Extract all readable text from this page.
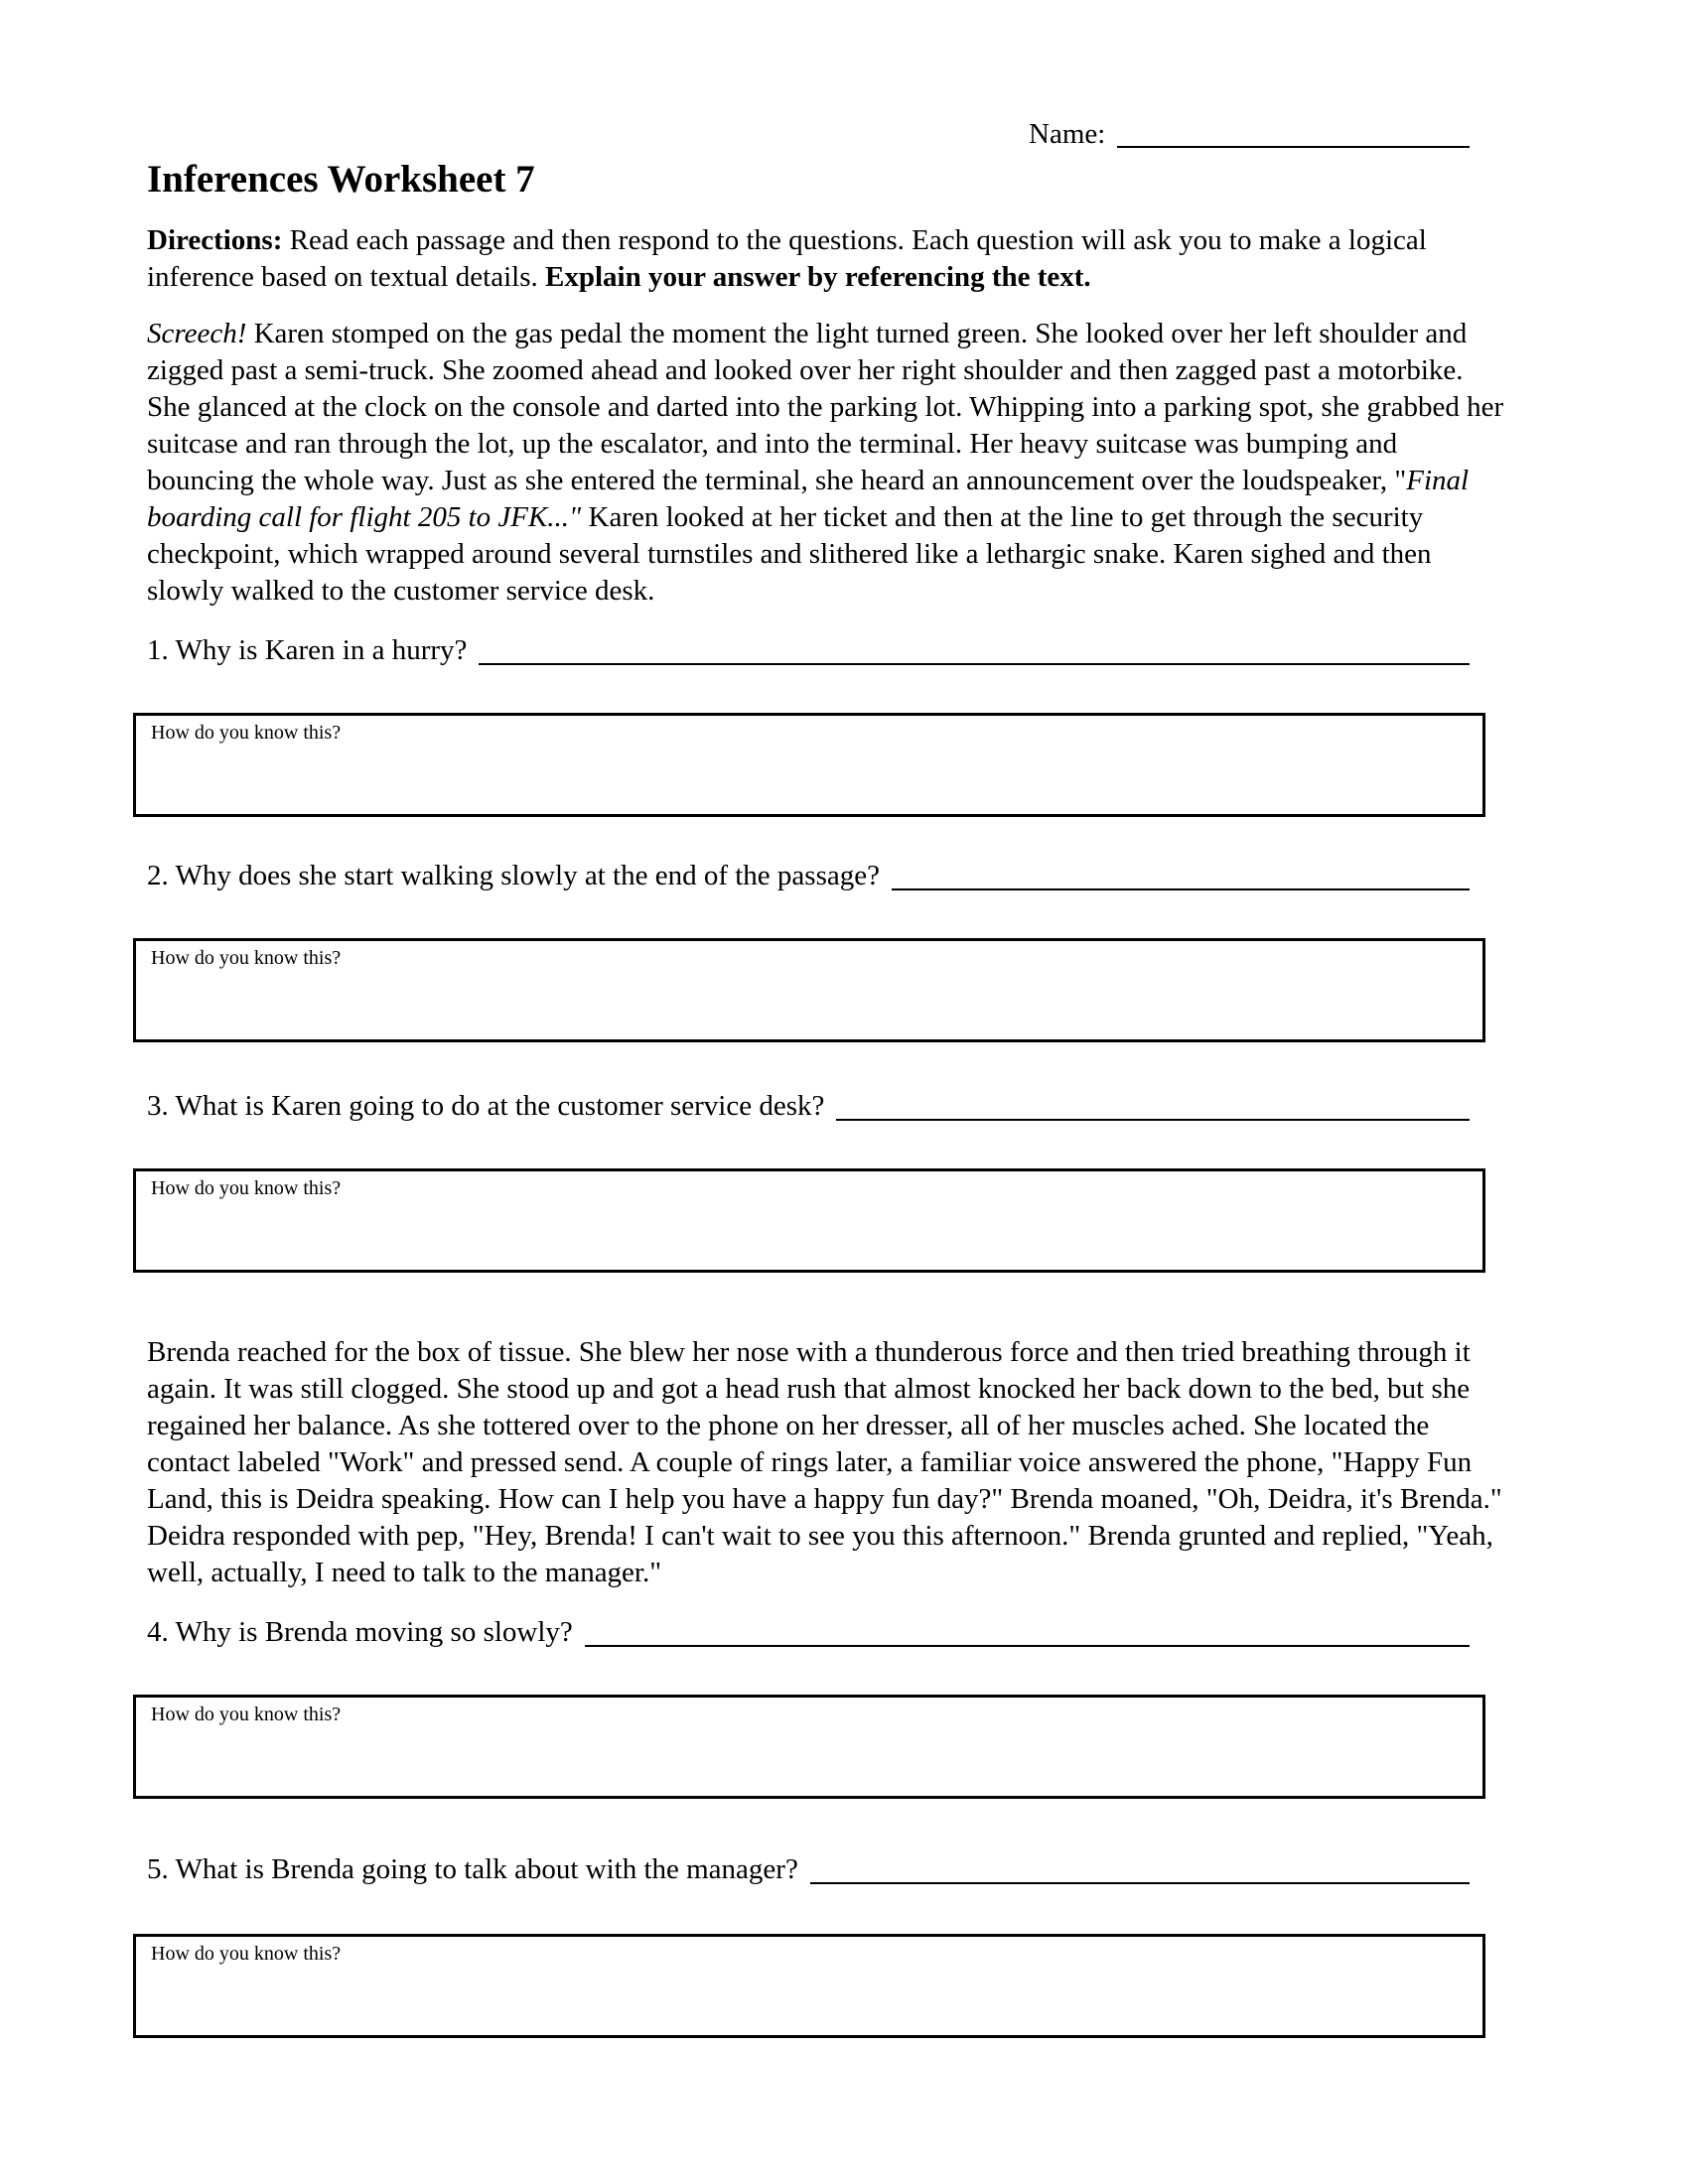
Name:
Inferences Worksheet 7

Directions: Read each passage and then respond to the questions. Each question will ask you to make a logical inference based on textual details. Explain your answer by referencing the text.

Screech! Karen stomped on the gas pedal the moment the light turned green. She looked over her left shoulder and zigged past a semi-truck. She zoomed ahead and looked over her right shoulder and then zagged past a motorbike. She glanced at the clock on the console and darted into the parking lot. Whipping into a parking spot, she grabbed her suitcase and ran through the lot, up the escalator, and into the terminal. Her heavy suitcase was bumping and bouncing the whole way. Just as she entered the terminal, she heard an announcement over the loudspeaker, "Final boarding call for flight 205 to JFK..." Karen looked at her ticket and then at the line to get through the security checkpoint, which wrapped around several turnstiles and slithered like a lethargic snake. Karen sighed and then slowly walked to the customer service desk.

1. Why is Karen in a hurry?
How do you know this?
2. Why does she start walking slowly at the end of the passage?
How do you know this?
3. What is Karen going to do at the customer service desk?
How do you know this?

Brenda reached for the box of tissue. She blew her nose with a thunderous force and then tried breathing through it again. It was still clogged. She stood up and got a head rush that almost knocked her back down to the bed, but she regained her balance. As she tottered over to the phone on her dresser, all of her muscles ached. She located the contact labeled "Work" and pressed send. A couple of rings later, a familiar voice answered the phone, "Happy Fun Land, this is Deidra speaking. How can I help you have a happy fun day?" Brenda moaned, "Oh, Deidra, it's Brenda." Deidra responded with pep, "Hey, Brenda! I can't wait to see you this afternoon." Brenda grunted and replied, "Yeah, well, actually, I need to talk to the manager."

4. Why is Brenda moving so slowly?
How do you know this?
5. What is Brenda going to talk about with the manager?
How do you know this?
